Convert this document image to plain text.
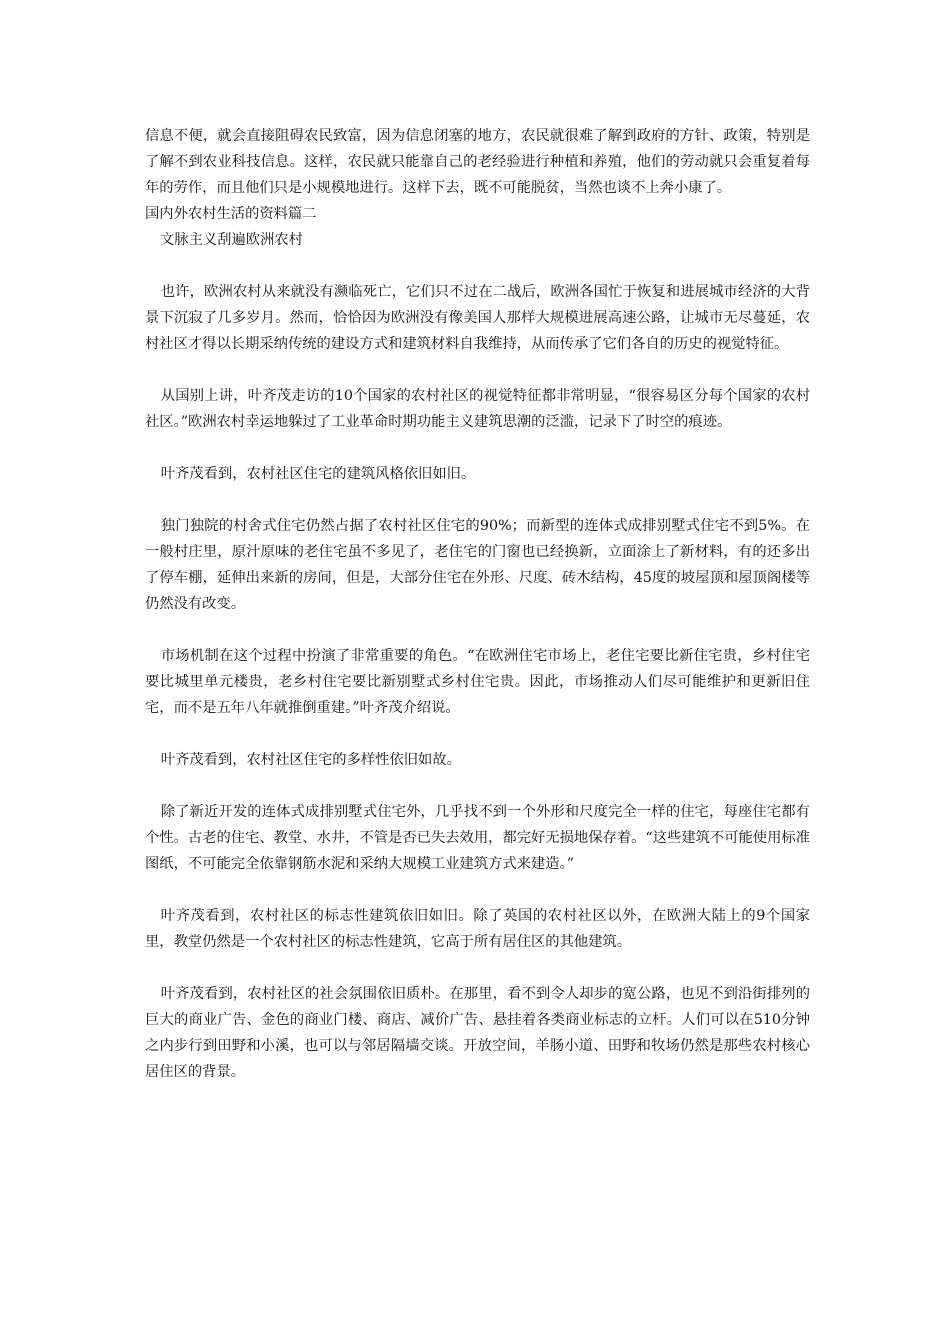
信息不便，就会直接阻碍农民致富，因为信息闭塞的地方，农民就很难了解到政府的方针、政策，特别是了解不到农业科技信息。这样，农民就只能靠自己的老经验进行种植和养殖，他们的劳动就只会重复着每年的劳作，而且他们只是小规模地进行。这样下去，既不可能脱贫，当然也谈不上奔小康了。

国内外农村生活的资料篇二

文脉主义刮遍欧洲农村

也许，欧洲农村从来就没有濒临死亡，它们只不过在二战后，欧洲各国忙于恢复和进展城市经济的大背景下沉寂了几多岁月。然而，恰恰因为欧洲没有像美国人那样大规模进展高速公路，让城市无尽蔓延，农村社区才得以长期采纳传统的建设方式和建筑材料自我维持，从而传承了它们各自的历史的视觉特征。

从国别上讲，叶齐茂走访的10个国家的农村社区的视觉特征都非常明显，“很容易区分每个国家的农村社区。”欧洲农村幸运地躲过了工业革命时期功能主义建筑思潮的泛滥，记录下了时空的痕迹。

叶齐茂看到，农村社区住宅的建筑风格依旧如旧。

独门独院的村舍式住宅仍然占据了农村社区住宅的90%；而新型的连体式成排别墅式住宅不到5%。在一般村庄里，原汁原味的老住宅虽不多见了，老住宅的门窗也已经换新，立面涂上了新材料，有的还多出了停车棚，延伸出来新的房间，但是，大部分住宅在外形、尺度、砖木结构，45度的坡屋顶和屋顶阁楼等仍然没有改变。

市场机制在这个过程中扮演了非常重要的角色。“在欧洲住宅市场上，老住宅要比新住宅贵，乡村住宅要比城里单元楼贵，老乡村住宅要比新别墅式乡村住宅贵。因此，市场推动人们尽可能维护和更新旧住宅，而不是五年八年就推倒重建。”叶齐茂介绍说。

叶齐茂看到，农村社区住宅的多样性依旧如故。

除了新近开发的连体式成排别墅式住宅外，几乎找不到一个外形和尺度完全一样的住宅，每座住宅都有个性。古老的住宅、教堂、水井，不管是否已失去效用，都完好无损地保存着。“这些建筑不可能使用标准图纸，不可能完全依靠钢筋水泥和采纳大规模工业建筑方式来建造。”

叶齐茂看到，农村社区的标志性建筑依旧如旧。除了英国的农村社区以外，在欧洲大陆上的9个国家里，教堂仍然是一个农村社区的标志性建筑，它高于所有居住区的其他建筑。

叶齐茂看到，农村社区的社会氛围依旧质朴。在那里，看不到令人却步的宽公路，也见不到沿街排列的巨大的商业广告、金色的商业门楼、商店、减价广告、悬挂着各类商业标志的立杆。人们可以在510分钟之内步行到田野和小溪，也可以与邻居隔墙交谈。开放空间，羊肠小道、田野和牧场仍然是那些农村核心居住区的背景。
